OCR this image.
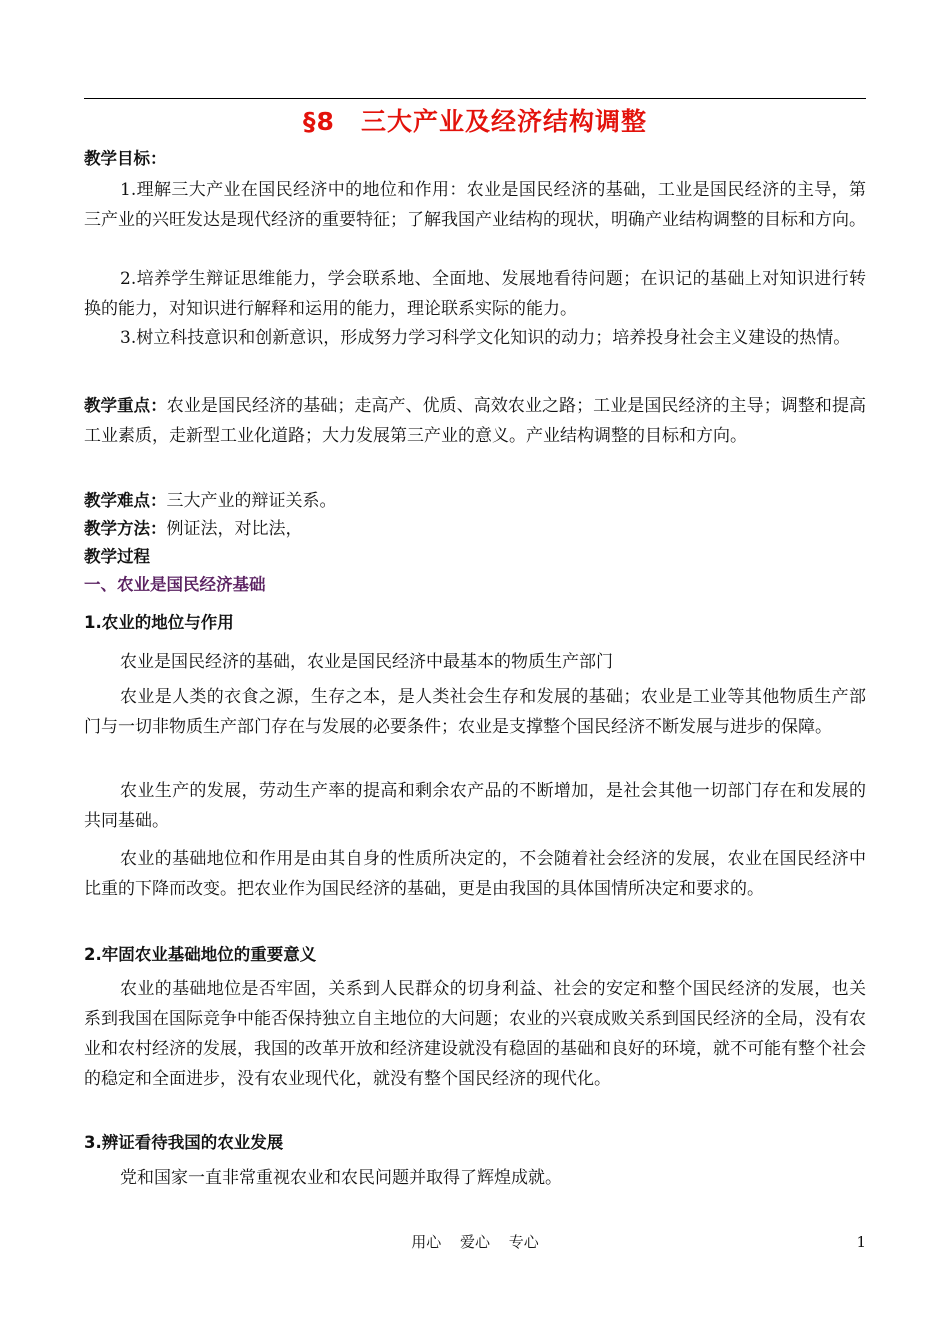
§8 三大产业及经济结构调整
教学目标：
1.理解三大产业在国民经济中的地位和作用：农业是国民经济的基础，工业是国民经济的主导，第三产业的兴旺发达是现代经济的重要特征；了解我国产业结构的现状，明确产业结构调整的目标和方向。
2.培养学生辩证思维能力，学会联系地、全面地、发展地看待问题；在识记的基础上对知识进行转换的能力，对知识进行解释和运用的能力，理论联系实际的能力。
3.树立科技意识和创新意识，形成努力学习科学文化知识的动力；培养投身社会主义建设的热情。
教学重点：农业是国民经济的基础；走高产、优质、高效农业之路；工业是国民经济的主导；调整和提高工业素质，走新型工业化道路；大力发展第三产业的意义。产业结构调整的目标和方向。
教学难点：三大产业的辩证关系。
教学方法：例证法，对比法，
教学过程
一、农业是国民经济基础
1.农业的地位与作用
农业是国民经济的基础，农业是国民经济中最基本的物质生产部门
农业是人类的衣食之源，生存之本，是人类社会生存和发展的基础；农业是工业等其他物质生产部门与一切非物质生产部门存在与发展的必要条件；农业是支撑整个国民经济不断发展与进步的保障。
农业生产的发展，劳动生产率的提高和剩余农产品的不断增加，是社会其他一切部门存在和发展的共同基础。
农业的基础地位和作用是由其自身的性质所决定的，不会随着社会经济的发展，农业在国民经济中比重的下降而改变。把农业作为国民经济的基础，更是由我国的具体国情所决定和要求的。
2.牢固农业基础地位的重要意义
农业的基础地位是否牢固，关系到人民群众的切身利益、社会的安定和整个国民经济的发展，也关系到我国在国际竞争中能否保持独立自主地位的大问题；农业的兴衰成败关系到国民经济的全局，没有农业和农村经济的发展，我国的改革开放和经济建设就没有稳固的基础和良好的环境，就不可能有整个社会的稳定和全面进步，没有农业现代化，就没有整个国民经济的现代化。
3.辨证看待我国的农业发展
党和国家一直非常重视农业和农民问题并取得了辉煌成就。
用心 爱心 专心	1
